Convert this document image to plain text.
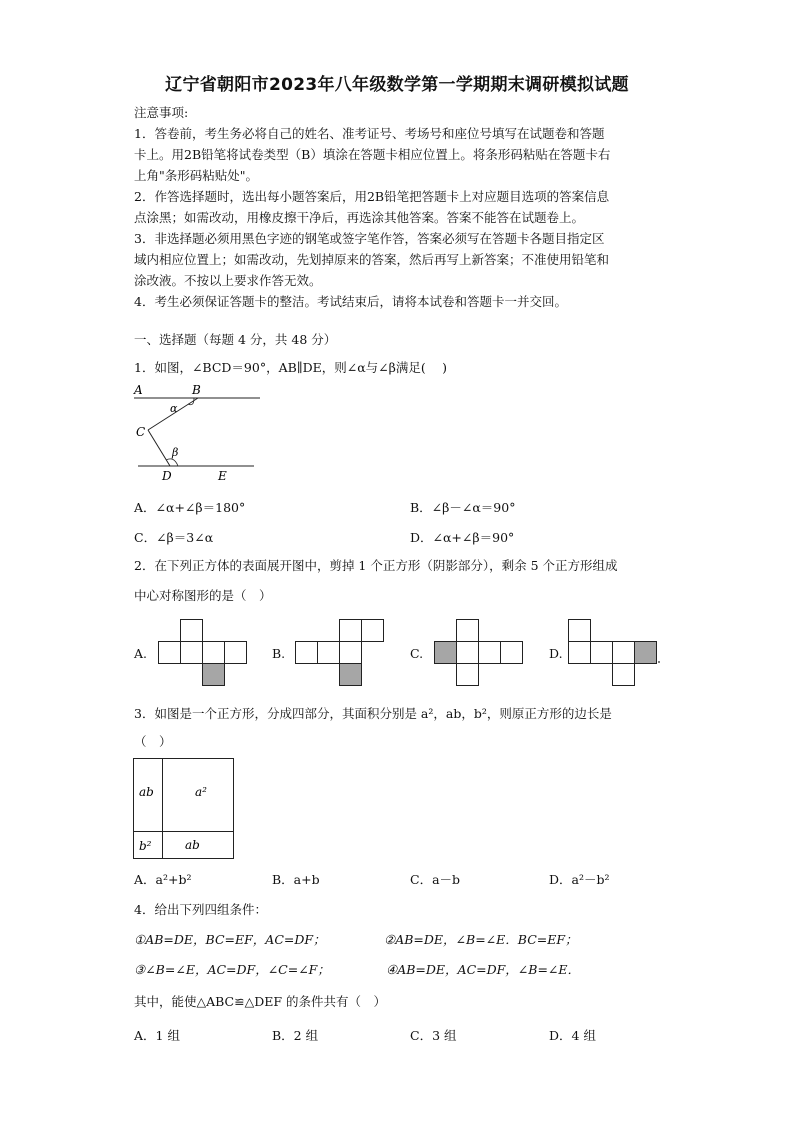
辽宁省朝阳市2023年八年级数学第一学期期末调研模拟试题
注意事项:
1．答卷前，考生务必将自己的姓名、准考证号、考场号和座位号填写在试题卷和答题
卡上。用2B铅笔将试卷类型（B）填涂在答题卡相应位置上。将条形码粘贴在答题卡右
上角"条形码粘贴处"。
2．作答选择题时，选出每小题答案后，用2B铅笔把答题卡上对应题目选项的答案信息
点涂黑；如需改动，用橡皮擦干净后，再选涂其他答案。答案不能答在试题卷上。
3．非选择题必须用黑色字迹的钢笔或签字笔作答，答案必须写在答题卡各题目指定区
域内相应位置上；如需改动，先划掉原来的答案，然后再写上新答案；不准使用铅笔和
涂改液。不按以上要求作答无效。
4．考生必须保证答题卡的整洁。考试结束后，请将本试卷和答题卡一并交回。
一、选择题（每题 4 分，共 48 分）
1．如图，∠BCD＝90°，AB∥DE，则∠α与∠β满足(　 )
A	B
C
D	E
α
β
A．∠α+∠β＝180°	B．∠β－∠α＝90°
C．∠β＝3∠α	D．∠α+∠β＝90°
2．在下列正方体的表面展开图中，剪掉 1 个正方形（阴影部分），剩余 5 个正方形组成
中心对称图形的是（　）
A.	B.	C.	D.
3．如图是一个正方形，分成四部分，其面积分别是 a²，ab，b²，则原正方形的边长是
（　）
ab	a²
b²	ab
A．a²+b²	B．a+b	C．a－b	D．a²－b²
4．给出下列四组条件：
①AB=DE，BC=EF，AC=DF；	②AB=DE，∠B=∠E．BC=EF；
③∠B=∠E，AC=DF，∠C=∠F；	④AB=DE，AC=DF，∠B=∠E．
其中，能使△ABC≌△DEF 的条件共有（　）
A．1 组	B．2 组	C．3 组	D．4 组
